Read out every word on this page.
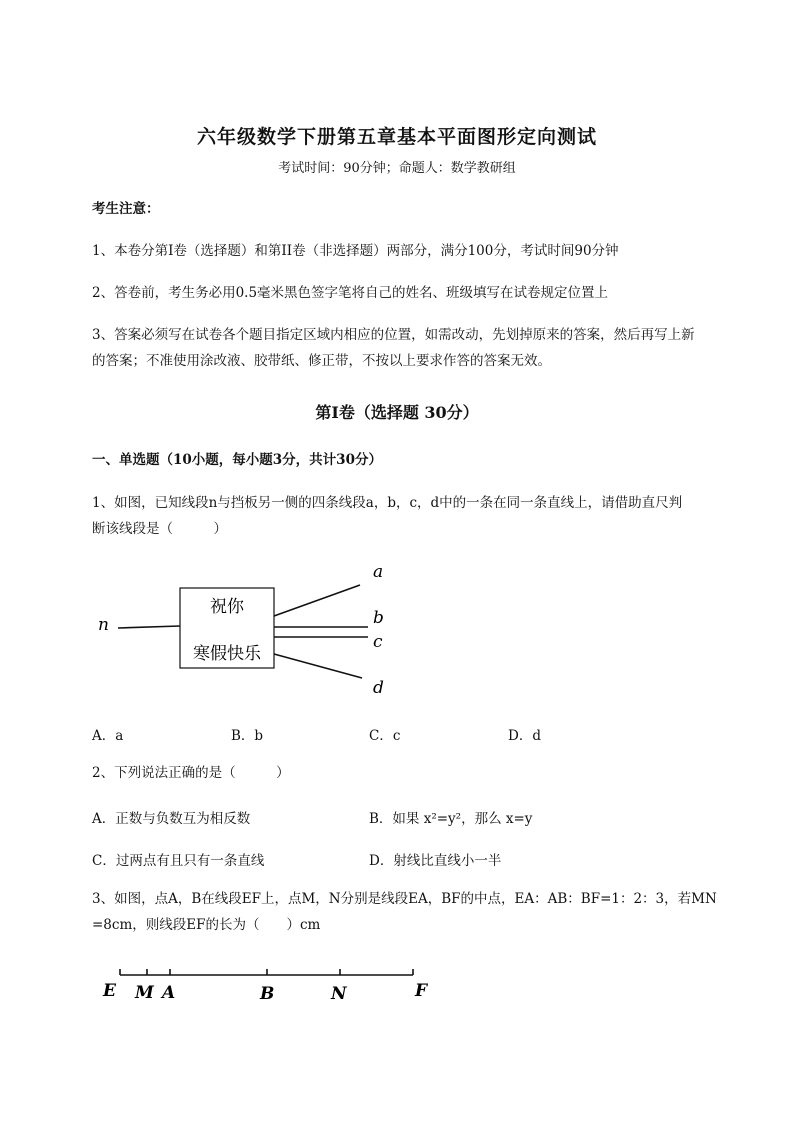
六年级数学下册第五章基本平面图形定向测试
考试时间：90分钟；命题人：数学教研组
考生注意：
1、本卷分第I卷（选择题）和第II卷（非选择题）两部分，满分100分，考试时间90分钟
2、答卷前，考生务必用0.5毫米黑色签字笔将自己的姓名、班级填写在试卷规定位置上
3、答案必须写在试卷各个题目指定区域内相应的位置，如需改动，先划掉原来的答案，然后再写上新
的答案；不准使用涂改液、胶带纸、修正带，不按以上要求作答的答案无效。
第I卷（选择题 30分）
一、单选题（10小题，每小题3分，共计30分）
1、如图，已知线段n与挡板另一侧的四条线段a，b，c，d中的一条在同一条直线上，请借助直尺判
断该线段是（　　　）
祝你
寒假快乐
n
a
b
c
d
E M A	B	N	F
A．a	B．b	C．c	D．d
2、下列说法正确的是（　　　）
A．正数与负数互为相反数	B．如果 x²=y²，那么 x=y
C．过两点有且只有一条直线	D．射线比直线小一半
3、如图，点A，B在线段EF上，点M，N分别是线段EA，BF的中点，EA：AB：BF=1：2：3，若MN
=8cm，则线段EF的长为（　　）cm
